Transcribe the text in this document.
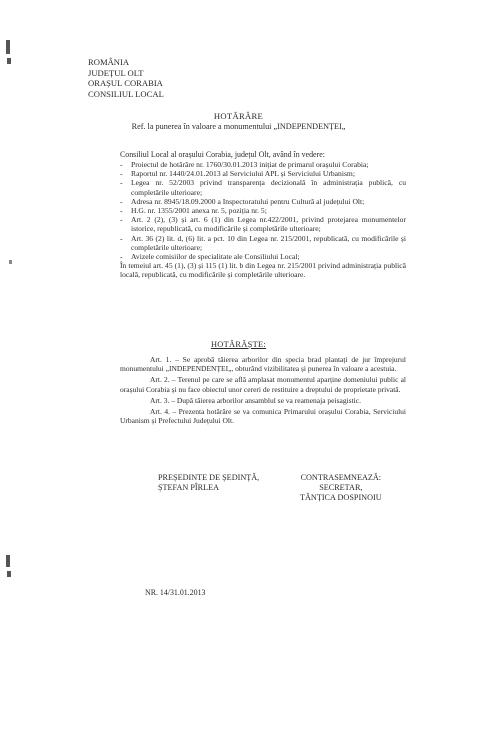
ROMÂNIA
JUDEȚUL OLT
ORAȘUL CORABIA
CONSILIUL LOCAL
HOTĂRÂRE
Ref. la punerea în valoare a monumentului „INDEPENDENȚEI„
Consiliul Local al orașului Corabia, județul Olt, având în vedere:
- Proiectul de hotărâre nr. 1760/30.01.2013 inițiat de primarul orașului Corabia;
- Raportul nr. 1440/24.01.2013 al Serviciului APL și Serviciului Urbanism;
- Legea nr. 52/2003 privind transparența decizională în administrația publică, cu completările ulterioare;
- Adresa nr. 8945/18.09.2000 a Inspectoratului pentru Cultură al județului Olt;
- H.G. nr. 1355/2001 anexa nr. 5, poziția nr. 5;
- Art. 2 (2), (3) și art. 6 (1) din Legea nr.422/2001, privind protejarea monumentelor istorice, republicată, cu modificările și completările ulterioare;
- Art. 36 (2) lit. d, (6) lit. a pct. 10 din Legea nr. 215/2001, republicată, cu modificările și completările ulterioare;
- Avizele comisiilor de specialitate ale Consiliului Local;
În temeiul art. 45 (1), (3) și 115 (1) lit. b din Legea nr. 215/2001 privind administrația publică locală, republicată, cu modificările și completările ulterioare.
HOTĂRĂȘTE:

Art. 1. – Se aprobă tăierea arborilor din specia brad plantați de jur împrejurul monumentului „INDEPENDENȚEI„, obturând vizibilitatea și punerea în valoare a acestuia.

Art. 2. – Terenul pe care se află amplasat monumentul aparține domeniului public al orașului Corabia și nu face obiectul unor cereri de restituire a dreptului de proprietate privată.

Art. 3. – După tăierea arborilor ansamblul se va reamenaja peisagistic.

Art. 4. – Prezenta hotărâre se va comunica Primarului orașului Corabia, Serviciului Urbanism și Prefectului Județului Olt.

PREȘEDINTE DE ȘEDINȚĂ,
ȘTEFAN PÎRLEA
CONTRASEMNEAZĂ:
SECRETAR,
TĂNȚICA DOSPINOIU
NR. 14/31.01.2013
